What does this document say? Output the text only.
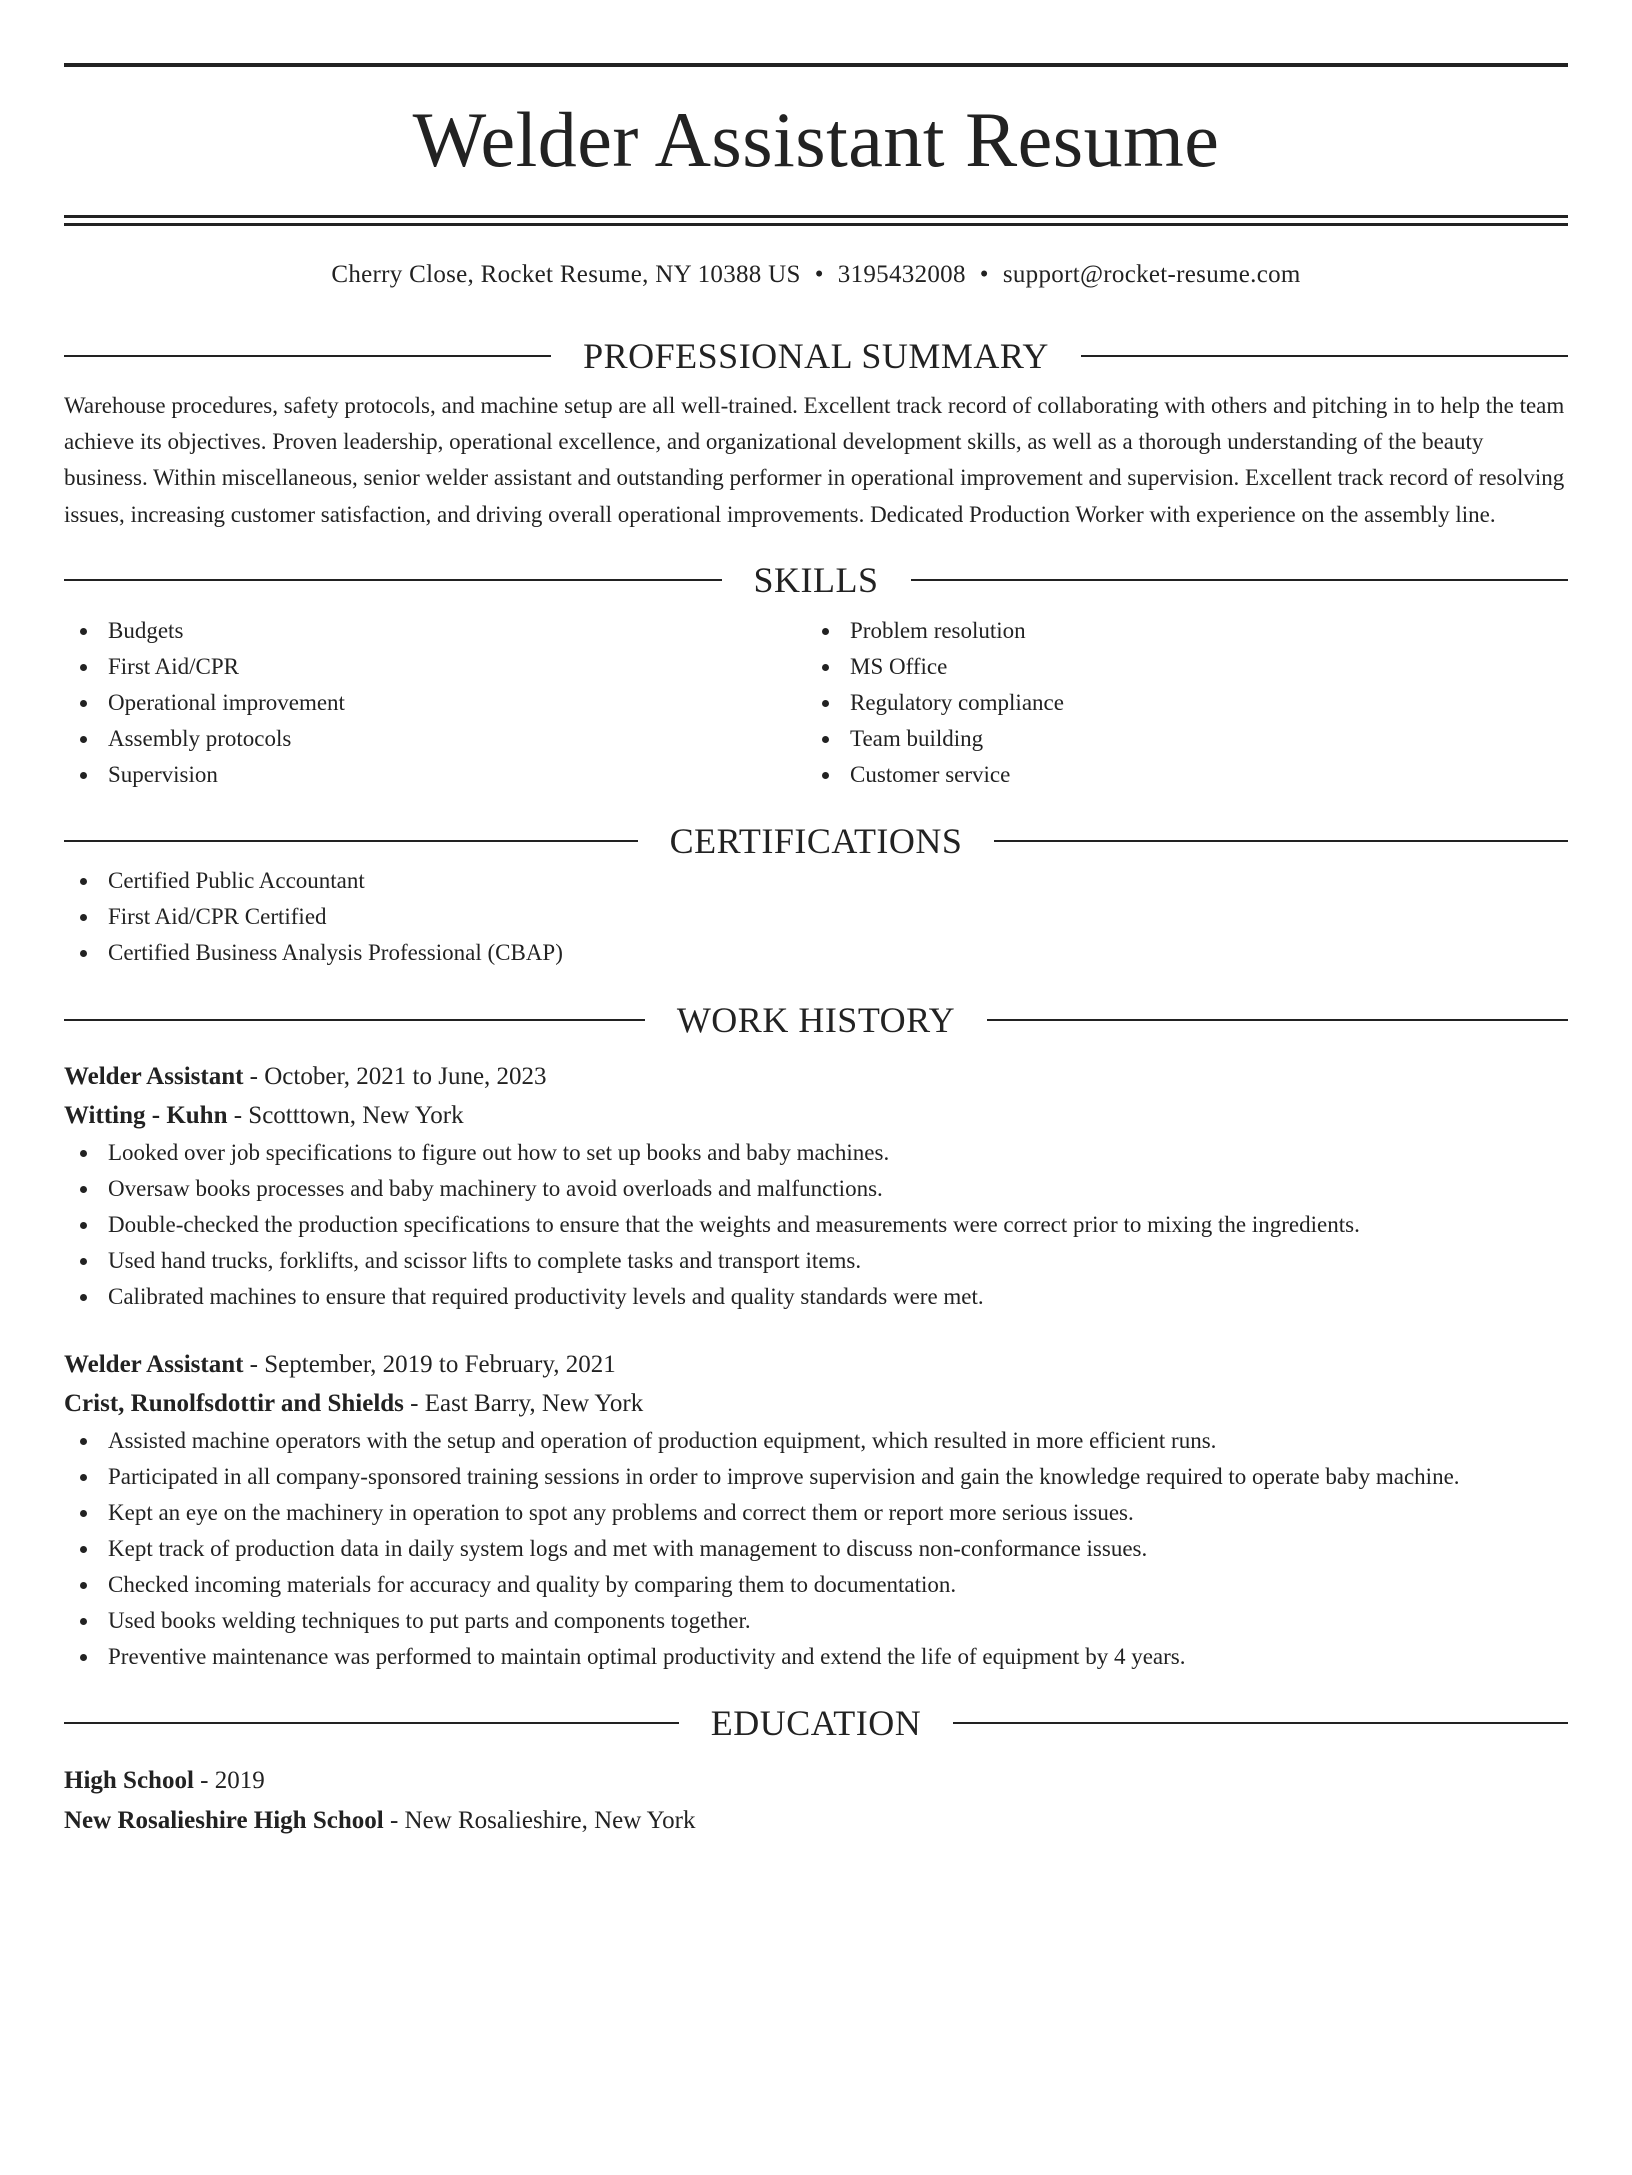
Welder Assistant Resume
Cherry Close, Rocket Resume, NY 10388 US • 3195432008 • support@rocket-resume.com
PROFESSIONAL SUMMARY

Warehouse procedures, safety protocols, and machine setup are all well-trained. Excellent track record of collaborating with others and pitching in to help the team achieve its objectives. Proven leadership, operational excellence, and organizational development skills, as well as a thorough understanding of the beauty business. Within miscellaneous, senior welder assistant and outstanding performer in operational improvement and supervision. Excellent track record of resolving issues, increasing customer satisfaction, and driving overall operational improvements. Dedicated Production Worker with experience on the assembly line.

SKILLS
Budgets
First Aid/CPR
Operational improvement
Assembly protocols
Supervision
Problem resolution
MS Office
Regulatory compliance
Team building
Customer service
CERTIFICATIONS
Certified Public Accountant
First Aid/CPR Certified
Certified Business Analysis Professional (CBAP)
WORK HISTORY
Welder Assistant - October, 2021 to June, 2023
Witting - Kuhn - Scotttown, New York
Looked over job specifications to figure out how to set up books and baby machines.
Oversaw books processes and baby machinery to avoid overloads and malfunctions.
Double-checked the production specifications to ensure that the weights and measurements were correct prior to mixing the ingredients.
Used hand trucks, forklifts, and scissor lifts to complete tasks and transport items.
Calibrated machines to ensure that required productivity levels and quality standards were met.
Welder Assistant - September, 2019 to February, 2021
Crist, Runolfsdottir and Shields - East Barry, New York
Assisted machine operators with the setup and operation of production equipment, which resulted in more efficient runs.
Participated in all company-sponsored training sessions in order to improve supervision and gain the knowledge required to operate baby machine.
Kept an eye on the machinery in operation to spot any problems and correct them or report more serious issues.
Kept track of production data in daily system logs and met with management to discuss non-conformance issues.
Checked incoming materials for accuracy and quality by comparing them to documentation.
Used books welding techniques to put parts and components together.
Preventive maintenance was performed to maintain optimal productivity and extend the life of equipment by 4 years.
EDUCATION
High School - 2019
New Rosalieshire High School - New Rosalieshire, New York
